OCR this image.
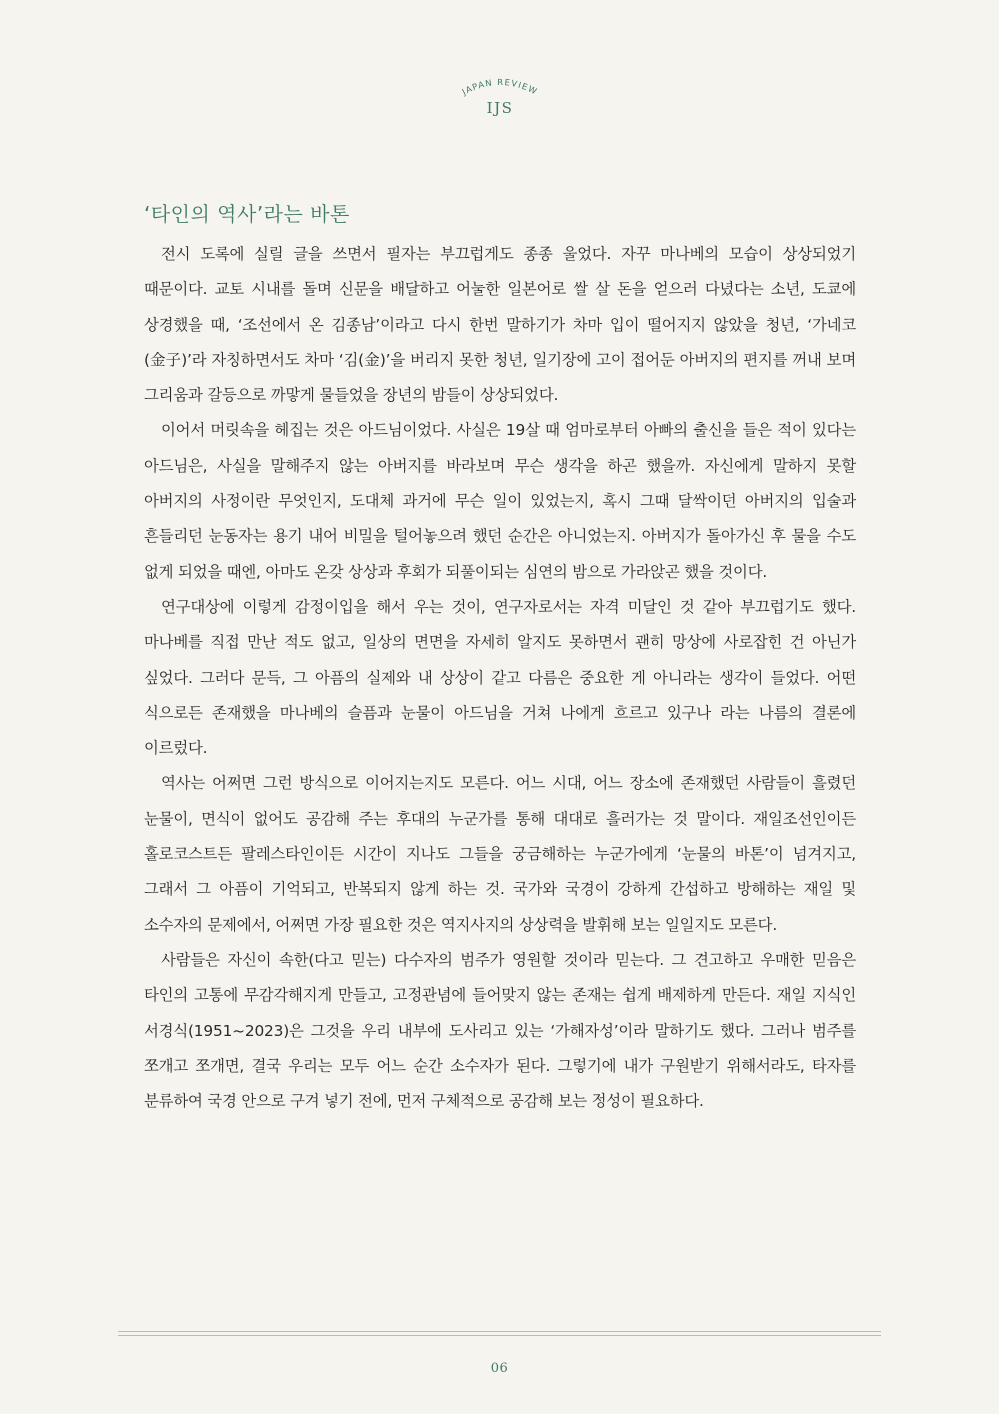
JAPAN REVIEW
IJS
‘타인의 역사’라는 바톤

전시 도록에 실릴 글을 쓰면서 필자는 부끄럽게도 종종 울었다. 자꾸 마나베의 모습이 상상되었기 때문이다. 교토 시내를 돌며 신문을 배달하고 어눌한 일본어로 쌀 살 돈을 얻으러 다녔다는 소년, 도쿄에 상경했을 때, ‘조선에서 온 김종남’이라고 다시 한번 말하기가 차마 입이 떨어지지 않았을 청년, ‘가네코(金子)’라 자칭하면서도 차마 ‘김(金)’을 버리지 못한 청년, 일기장에 고이 접어둔 아버지의 편지를 꺼내 보며 그리움과 갈등으로 까맣게 물들었을 장년의 밤들이 상상되었다.

이어서 머릿속을 헤집는 것은 아드님이었다. 사실은 19살 때 엄마로부터 아빠의 출신을 들은 적이 있다는 아드님은, 사실을 말해주지 않는 아버지를 바라보며 무슨 생각을 하곤 했을까. 자신에게 말하지 못할 아버지의 사정이란 무엇인지, 도대체 과거에 무슨 일이 있었는지, 혹시 그때 달싹이던 아버지의 입술과 흔들리던 눈동자는 용기 내어 비밀을 털어놓으려 했던 순간은 아니었는지. 아버지가 돌아가신 후 물을 수도 없게 되었을 때엔, 아마도 온갖 상상과 후회가 되풀이되는 심연의 밤으로 가라앉곤 했을 것이다.

연구대상에 이렇게 감정이입을 해서 우는 것이, 연구자로서는 자격 미달인 것 같아 부끄럽기도 했다. 마나베를 직접 만난 적도 없고, 일상의 면면을 자세히 알지도 못하면서 괜히 망상에 사로잡힌 건 아닌가 싶었다. 그러다 문득, 그 아픔의 실제와 내 상상이 같고 다름은 중요한 게 아니라는 생각이 들었다. 어떤 식으로든 존재했을 마나베의 슬픔과 눈물이 아드님을 거쳐 나에게 흐르고 있구나 라는 나름의 결론에 이르렀다.

역사는 어쩌면 그런 방식으로 이어지는지도 모른다. 어느 시대, 어느 장소에 존재했던 사람들이 흘렸던 눈물이, 면식이 없어도 공감해 주는 후대의 누군가를 통해 대대로 흘러가는 것 말이다. 재일조선인이든 홀로코스트든 팔레스타인이든 시간이 지나도 그들을 궁금해하는 누군가에게 ‘눈물의 바톤’이 넘겨지고, 그래서 그 아픔이 기억되고, 반복되지 않게 하는 것. 국가와 국경이 강하게 간섭하고 방해하는 재일 및 소수자의 문제에서, 어쩌면 가장 필요한 것은 역지사지의 상상력을 발휘해 보는 일일지도 모른다.

사람들은 자신이 속한(다고 믿는) 다수자의 범주가 영원할 것이라 믿는다. 그 견고하고 우매한 믿음은 타인의 고통에 무감각해지게 만들고, 고정관념에 들어맞지 않는 존재는 쉽게 배제하게 만든다. 재일 지식인 서경식(1951~2023)은 그것을 우리 내부에 도사리고 있는 ‘가해자성’이라 말하기도 했다. 그러나 범주를 쪼개고 쪼개면, 결국 우리는 모두 어느 순간 소수자가 된다. 그렇기에 내가 구원받기 위해서라도, 타자를 분류하여 국경 안으로 구겨 넣기 전에, 먼저 구체적으로 공감해 보는 정성이 필요하다.

06
